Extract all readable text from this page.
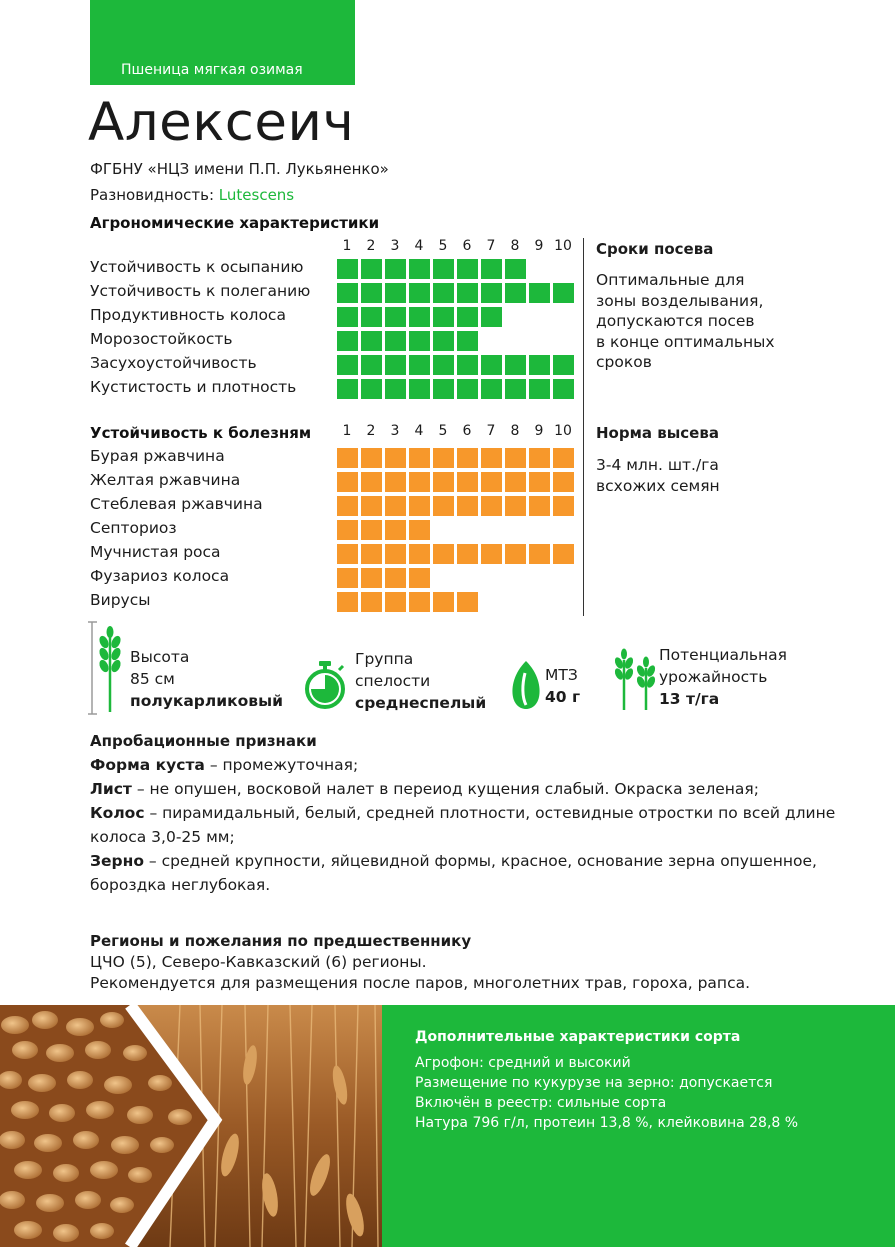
Пшеница мягкая озимая
Алексеич
ФГБНУ «НЦЗ имени П.П. Лукьяненко»
Разновидность: Lutescens
Агрономические характеристики
1	2	3	4	5	6	7	8	9 10
Устойчивость к осыпанию
Устойчивость к полеганию
Продуктивность колоса
Морозостойкость
Засухоустойчивость
Кустистость и плотность
Устойчивость к болезням	1	2	3	4	5	6	7	8	9 10
Бурая ржавчина
Желтая ржавчина
Стеблевая ржавчина
Септориоз
Мучнистая роса
Фузариоз колоса
Вирусы
Сроки посева
Оптимальные для
зоны возделывания,
допускаются посев
в конце оптимальных
сроков
Норма высева
3-4 млн. шт./га
всхожих семян
Высота
85 см
полукарликовый
Группа
спелости
среднеспелый
МТЗ
40 г
Потенциальная
урожайность
13 т/га
Апробационные признаки
Форма куста – промежуточная;
Лист – не опушен, восковой налет в переиод кущения слабый. Окраска зеленая;
Колос – пирамидальный, белый, средней плотности, остевидные отростки по всей длине колоса 3,0-25 мм;
Зерно – средней крупности, яйцевидной формы, красное, основание зерна опушенное, бороздка неглубокая.
Регионы и пожелания по предшественнику
ЦЧО (5), Северо-Кавказский (6) регионы.
Рекомендуется для размещения после паров, многолетних трав, гороха, рапса.
Дополнительные характеристики сорта
Агрофон: средний и высокий
Размещение по кукурузе на зерно: допускается
Включён в реестр: сильные сорта
Натура 796 г/л, протеин 13,8 %, клейковина 28,8 %
